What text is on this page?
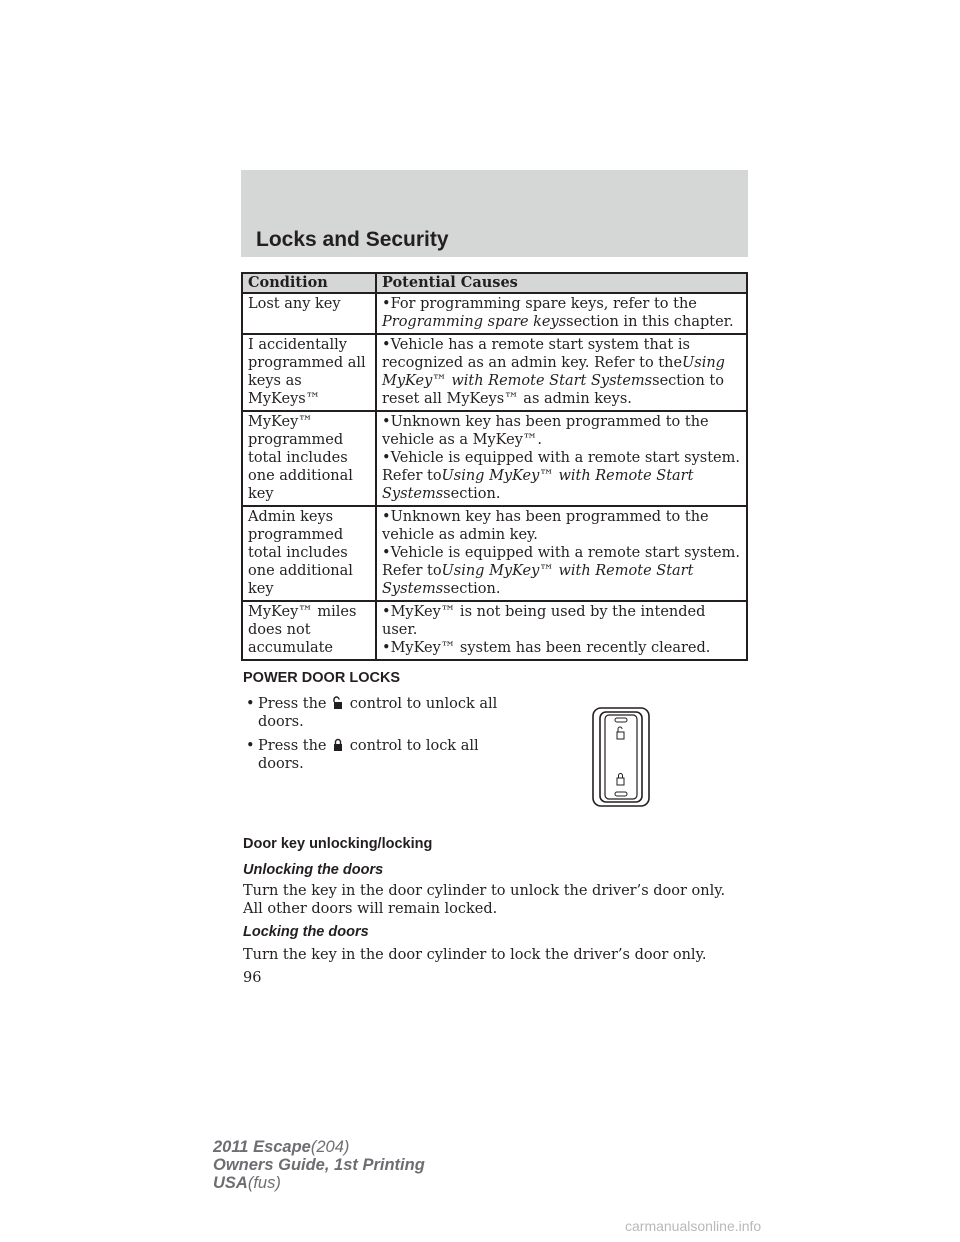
Locks and Security
Condition	Potential Causes
Lost any key	• For programming spare keys, refer to the Programming spare keyssection in this chapter.

I accidentally programmed all keys as MyKeys™	• Vehicle has a remote start system that is recognized as an admin key. Refer to theUsing MyKey™ with Remote Start Systemssection to reset all MyKeys™ as admin keys.

MyKey™ programmed total includes one additional key	• Unknown key has been programmed to the vehicle as a MyKey™.
• Vehicle is equipped with a remote start system. Refer toUsing MyKey™ with Remote Start Systemssection.

Admin keys programmed total includes one additional key	• Unknown key has been programmed to the vehicle as admin key.
• Vehicle is equipped with a remote start system. Refer toUsing MyKey™ with Remote Start Systemssection.

MyKey™ miles does not accumulate	• MyKey™ is not being used by the intended user.
• MyKey™ system has been recently cleared.
POWER DOOR LOCKS
• Press the control to unlock all doors.
• Press the control to lock all doors.
Door key unlocking/locking
Unlocking the doors
Turn the key in the door cylinder to unlock the driver’s door only. All other doors will remain locked.
Locking the doors
Turn the key in the door cylinder to lock the driver’s door only.
96
2011 Escape(204)
Owners Guide, 1st Printing
USA(fus)
carmanualsonline.info
